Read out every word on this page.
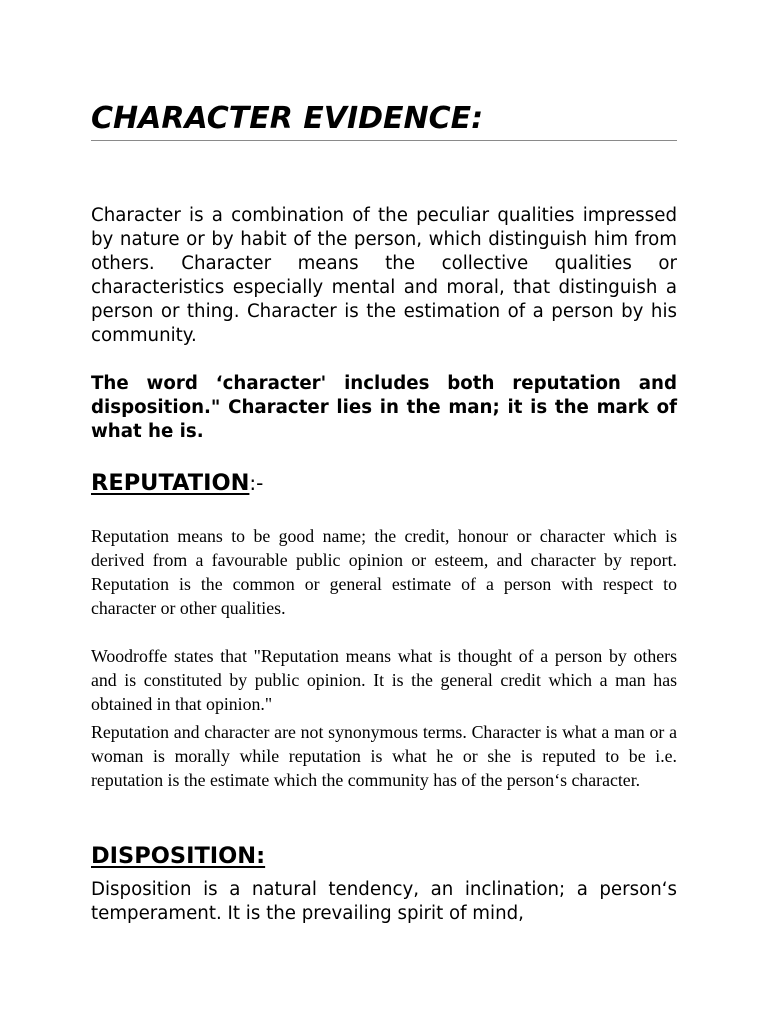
CHARACTER EVIDENCE:

Character is a combination of the peculiar qualities impressed by nature or by habit of the person, which distinguish him from others. Character means the collective qualities or characteristics especially mental and moral, that distinguish a person or thing. Character is the estimation of a person by his community.

The word ‘character' includes both reputation and disposition." Character lies in the man; it is the mark of what he is.

REPUTATION:-

Reputation means to be good name; the credit, honour or character which is derived from a favourable public opinion or esteem, and character by report. Reputation is the common or general estimate of a person with respect to character or other qualities.

Woodroffe states that "Reputation means what is thought of a person by others and is constituted by public opinion. It is the general credit which a man has obtained in that opinion."

Reputation and character are not synonymous terms. Character is what a man or a woman is morally while reputation is what he or she is reputed to be i.e. reputation is the estimate which the community has of the person‘s character.

DISPOSITION:

Disposition is a natural tendency, an inclination; a person‘s temperament. It is the prevailing spirit of mind,
